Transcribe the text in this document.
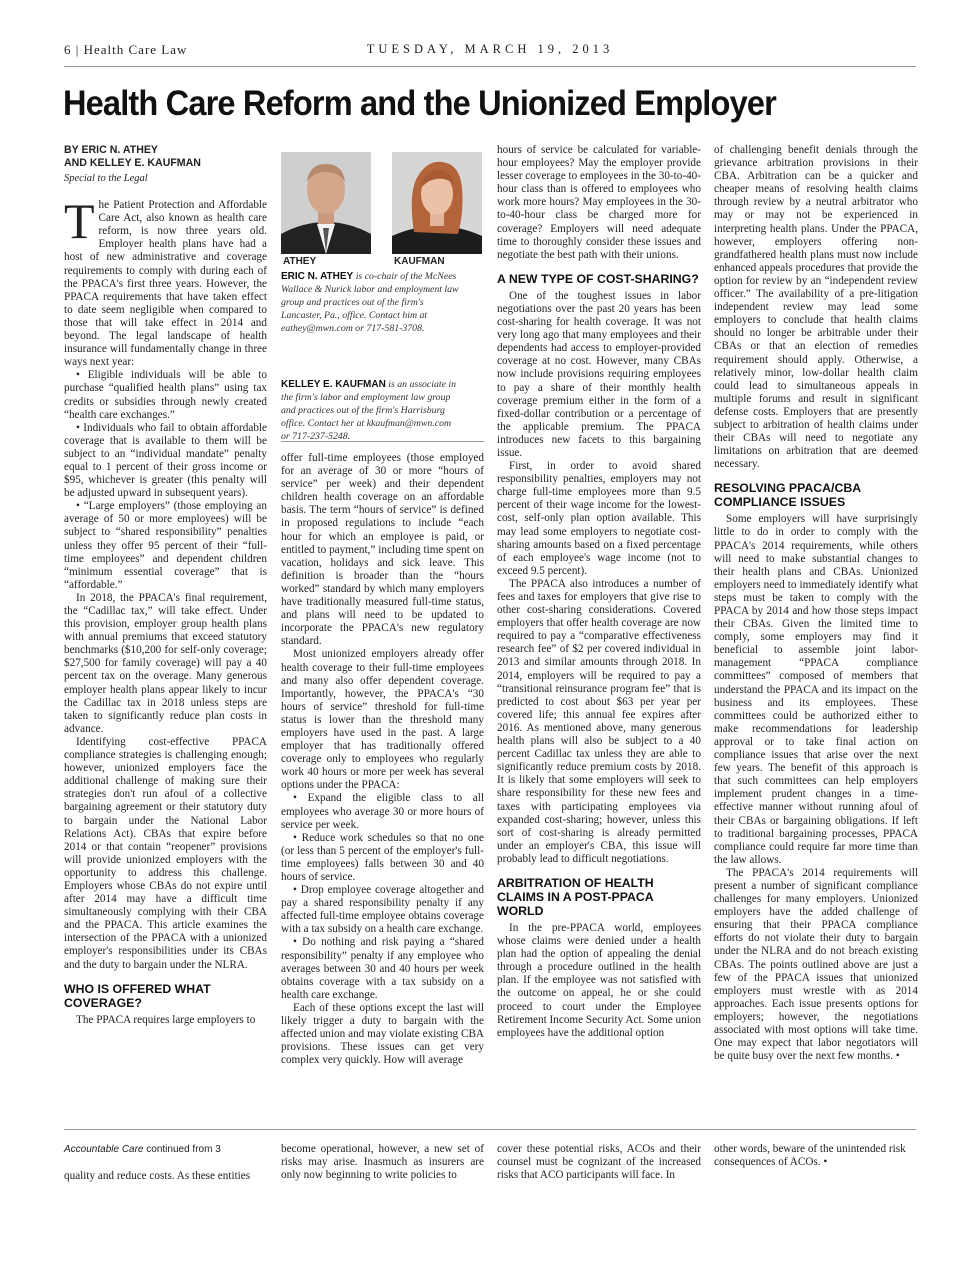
6 | Health Care Law	TUESDAY, MARCH 19, 2013
Health Care Reform and the Unionized Employer
BY ERIC N. ATHEY
AND KELLEY E. KAUFMAN
Special to the Legal

The Patient Protection and Affordable Care Act, also known as health care reform, is now three years old. Employer health plans have had a host of new administrative and coverage requirements to comply with during each of the PPACA's first three years. However, the PPACA requirements that have taken effect to date seem negligible when compared to those that will take effect in 2014 and beyond. The legal landscape of health insurance will fundamentally change in three ways next year:

• Eligible individuals will be able to purchase “qualified health plans” using tax credits or subsidies through newly created “health care exchanges.”

• Individuals who fail to obtain affordable coverage that is available to them will be subject to an “individual mandate” penalty equal to 1 percent of their gross income or $95, whichever is greater (this penalty will be adjusted upward in subsequent years).

• “Large employers” (those employing an average of 50 or more employees) will be subject to “shared responsibility” penalties unless they offer 95 percent of their “full-time employees” and dependent children “minimum essential coverage” that is “affordable.”

In 2018, the PPACA's final requirement, the “Cadillac tax,” will take effect. Under this provision, employer group health plans with annual premiums that exceed statutory benchmarks ($10,200 for self-only coverage; $27,500 for family coverage) will pay a 40 percent tax on the overage. Many generous employer health plans appear likely to incur the Cadillac tax in 2018 unless steps are taken to significantly reduce plan costs in advance.

Identifying cost-effective PPACA compliance strategies is challenging enough; however, unionized employers face the additional challenge of making sure their strategies don't run afoul of a collective bargaining agreement or their statutory duty to bargain under the National Labor Relations Act). CBAs that expire before 2014 or that contain “reopener” provisions will provide unionized employers with the opportunity to address this challenge. Employers whose CBAs do not expire until after 2014 may have a difficult time simultaneously complying with their CBA and the PPACA. This article examines the intersection of the PPACA with a unionized employer's responsibilities under its CBAs and the duty to bargain under the NLRA.

WHO IS OFFERED WHAT COVERAGE?

The PPACA requires large employers to

ATHEY	KAUFMAN
ERIC N. ATHEY is co-chair of the McNees Wallace & Nurick labor and employment law group and practices out of the firm's Lancaster, Pa., office. Contact him at eathey@mwn.com or 717-581-3708.
KELLEY E. KAUFMAN is an associate in the firm's labor and employment law group and practices out of the firm's Harrisburg office. Contact her at kkaufman@mwn.com or 717-237-5248.

offer full-time employees (those employed for an average of 30 or more “hours of service” per week) and their dependent children health coverage on an affordable basis. The term “hours of service” is defined in proposed regulations to include “each hour for which an employee is paid, or entitled to payment,” including time spent on vacation, holidays and sick leave. This definition is broader than the “hours worked” standard by which many employers have traditionally measured full-time status, and plans will need to be updated to incorporate the PPACA's new regulatory standard.

Most unionized employers already offer health coverage to their full-time employees and many also offer dependent coverage. Importantly, however, the PPACA's “30 hours of service” threshold for full-time status is lower than the threshold many employers have used in the past. A large employer that has traditionally offered coverage only to employees who regularly work 40 hours or more per week has several options under the PPACA:

• Expand the eligible class to all employees who average 30 or more hours of service per week.

• Reduce work schedules so that no one (or less than 5 percent of the employer's full-time employees) falls between 30 and 40 hours of service.

• Drop employee coverage altogether and pay a shared responsibility penalty if any affected full-time employee obtains coverage with a tax subsidy on a health care exchange.

• Do nothing and risk paying a “shared responsibility” penalty if any employee who averages between 30 and 40 hours per week obtains coverage with a tax subsidy on a health care exchange.

Each of these options except the last will likely trigger a duty to bargain with the affected union and may violate existing CBA provisions. These issues can get very complex very quickly. How will average

hours of service be calculated for variable-hour employees? May the employer provide lesser coverage to employees in the 30-to-40-hour class than is offered to employees who work more hours? May employees in the 30-to-40-hour class be charged more for coverage? Employers will need adequate time to thoroughly consider these issues and negotiate the best path with their unions.

A NEW TYPE OF COST-SHARING?

One of the toughest issues in labor negotiations over the past 20 years has been cost-sharing for health coverage. It was not very long ago that many employees and their dependents had access to employer-provided coverage at no cost. However, many CBAs now include provisions requiring employees to pay a share of their monthly health coverage premium either in the form of a fixed-dollar contribution or a percentage of the applicable premium. The PPACA introduces new facets to this bargaining issue.

First, in order to avoid shared responsibility penalties, employers may not charge full-time employees more than 9.5 percent of their wage income for the lowest-cost, self-only plan option available. This may lead some employers to negotiate cost-sharing amounts based on a fixed percentage of each employee's wage income (not to exceed 9.5 percent).

The PPACA also introduces a number of fees and taxes for employers that give rise to other cost-sharing considerations. Covered employers that offer health coverage are now required to pay a “comparative effectiveness research fee” of $2 per covered individual in 2013 and similar amounts through 2018. In 2014, employers will be required to pay a “transitional reinsurance program fee” that is predicted to cost about $63 per year per covered life; this annual fee expires after 2016. As mentioned above, many generous health plans will also be subject to a 40 percent Cadillac tax unless they are able to significantly reduce premium costs by 2018. It is likely that some employers will seek to share responsibility for these new fees and taxes with participating employees via expanded cost-sharing; however, unless this sort of cost-sharing is already permitted under an employer's CBA, this issue will probably lead to difficult negotiations.

ARBITRATION OF HEALTH CLAIMS IN A POST-PPACA WORLD

In the pre-PPACA world, employees whose claims were denied under a health plan had the option of appealing the denial through a procedure outlined in the health plan. If the employee was not satisfied with the outcome on appeal, he or she could proceed to court under the Employee Retirement Income Security Act. Some union employees have the additional option

of challenging benefit denials through the grievance arbitration provisions in their CBA. Arbitration can be a quicker and cheaper means of resolving health claims through review by a neutral arbitrator who may or may not be experienced in interpreting health plans. Under the PPACA, however, employers offering non-grandfathered health plans must now include enhanced appeals procedures that provide the option for review by an “independent review officer.” The availability of a pre-litigation independent review may lead some employers to conclude that health claims should no longer be arbitrable under their CBAs or that an election of remedies requirement should apply. Otherwise, a relatively minor, low-dollar health claim could lead to simultaneous appeals in multiple forums and result in significant defense costs. Employers that are presently subject to arbitration of health claims under their CBAs will need to negotiate any limitations on arbitration that are deemed necessary.

RESOLVING PPACA/CBA COMPLIANCE ISSUES

Some employers will have surprisingly little to do in order to comply with the PPACA's 2014 requirements, while others will need to make substantial changes to their health plans and CBAs. Unionized employers need to immediately identify what steps must be taken to comply with the PPACA by 2014 and how those steps impact their CBAs. Given the limited time to comply, some employers may find it beneficial to assemble joint labor-management “PPACA compliance committees” composed of members that understand the PPACA and its impact on the business and its employees. These committees could be authorized either to make recommendations for leadership approval or to take final action on compliance issues that arise over the next few years. The benefit of this approach is that such committees can help employers implement prudent changes in a time-effective manner without running afoul of their CBAs or bargaining obligations. If left to traditional bargaining processes, PPACA compliance could require far more time than the law allows.

The PPACA's 2014 requirements will present a number of significant compliance challenges for many employers. Unionized employers have the added challenge of ensuring that their PPACA compliance efforts do not violate their duty to bargain under the NLRA and do not breach existing CBAs. The points outlined above are just a few of the PPACA issues that unionized employers must wrestle with as 2014 approaches. Each issue presents options for employers; however, the negotiations associated with most options will take time. One may expect that labor negotiators will be quite busy over the next few months. •

Accountable Care continued from 3
quality and reduce costs. As these entities
become operational, however, a new set of risks may arise. Inasmuch as insurers are only now beginning to write policies to
cover these potential risks, ACOs and their counsel must be cognizant of the increased risks that ACO participants will face. In
other words, beware of the unintended risk consequences of ACOs. •
